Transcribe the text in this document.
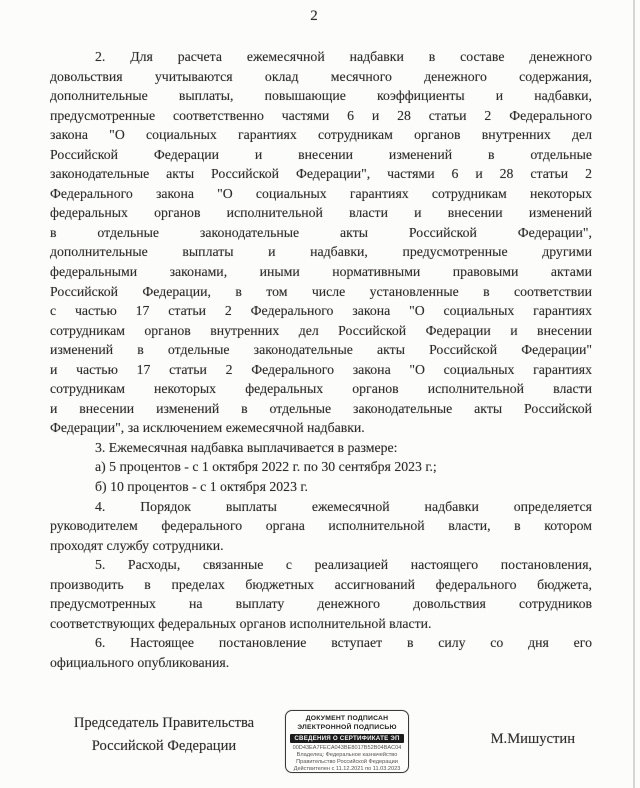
2
2. Для расчета ежемесячной надбавки в составе денежного
довольствия учитываются оклад месячного денежного содержания,
дополнительные выплаты, повышающие коэффициенты и надбавки,
предусмотренные соответственно частями 6 и 28 статьи 2 Федерального
закона "О социальных гарантиях сотрудникам органов внутренних дел
Российской Федерации и внесении изменений в отдельные
законодательные акты Российской Федерации", частями 6 и 28 статьи 2
Федерального закона "О социальных гарантиях сотрудникам некоторых
федеральных органов исполнительной власти и внесении изменений
в отдельные законодательные акты Российской Федерации",
дополнительные выплаты и надбавки, предусмотренные другими
федеральными законами, иными нормативными правовыми актами
Российской Федерации, в том числе установленные в соответствии
с частью 17 статьи 2 Федерального закона "О социальных гарантиях
сотрудникам органов внутренних дел Российской Федерации и внесении
изменений в отдельные законодательные акты Российской Федерации"
и частью 17 статьи 2 Федерального закона "О социальных гарантиях
сотрудникам некоторых федеральных органов исполнительной власти
и внесении изменений в отдельные законодательные акты Российской
Федерации", за исключением ежемесячной надбавки.
3. Ежемесячная надбавка выплачивается в размере:
а) 5 процентов - с 1 октября 2022 г. по 30 сентября 2023 г.;
б) 10 процентов - с 1 октября 2023 г.
4. Порядок выплаты ежемесячной надбавки определяется
руководителем федерального органа исполнительной власти, в котором
проходят службу сотрудники.
5. Расходы, связанные с реализацией настоящего постановления,
производить в пределах бюджетных ассигнований федерального бюджета,
предусмотренных на выплату денежного довольствия сотрудников
соответствующих федеральных органов исполнительной власти.
6. Настоящее постановление вступает в силу со дня его
официального опубликования.
Председатель Правительства
Российской Федерации
ДОКУМЕНТ ПОДПИСАН
ЭЛЕКТРОННОЙ ПОДПИСЬЮ
СВЕДЕНИЯ О СЕРТИФИКАТЕ ЭП
00D43EA7FECA043BE8017B52B04BAC04
Владелец: Федеральное казначейство
Правительство Российской Федерации
Действителен с 11.12.2021 по 11.03.2023
М.Мишустин
